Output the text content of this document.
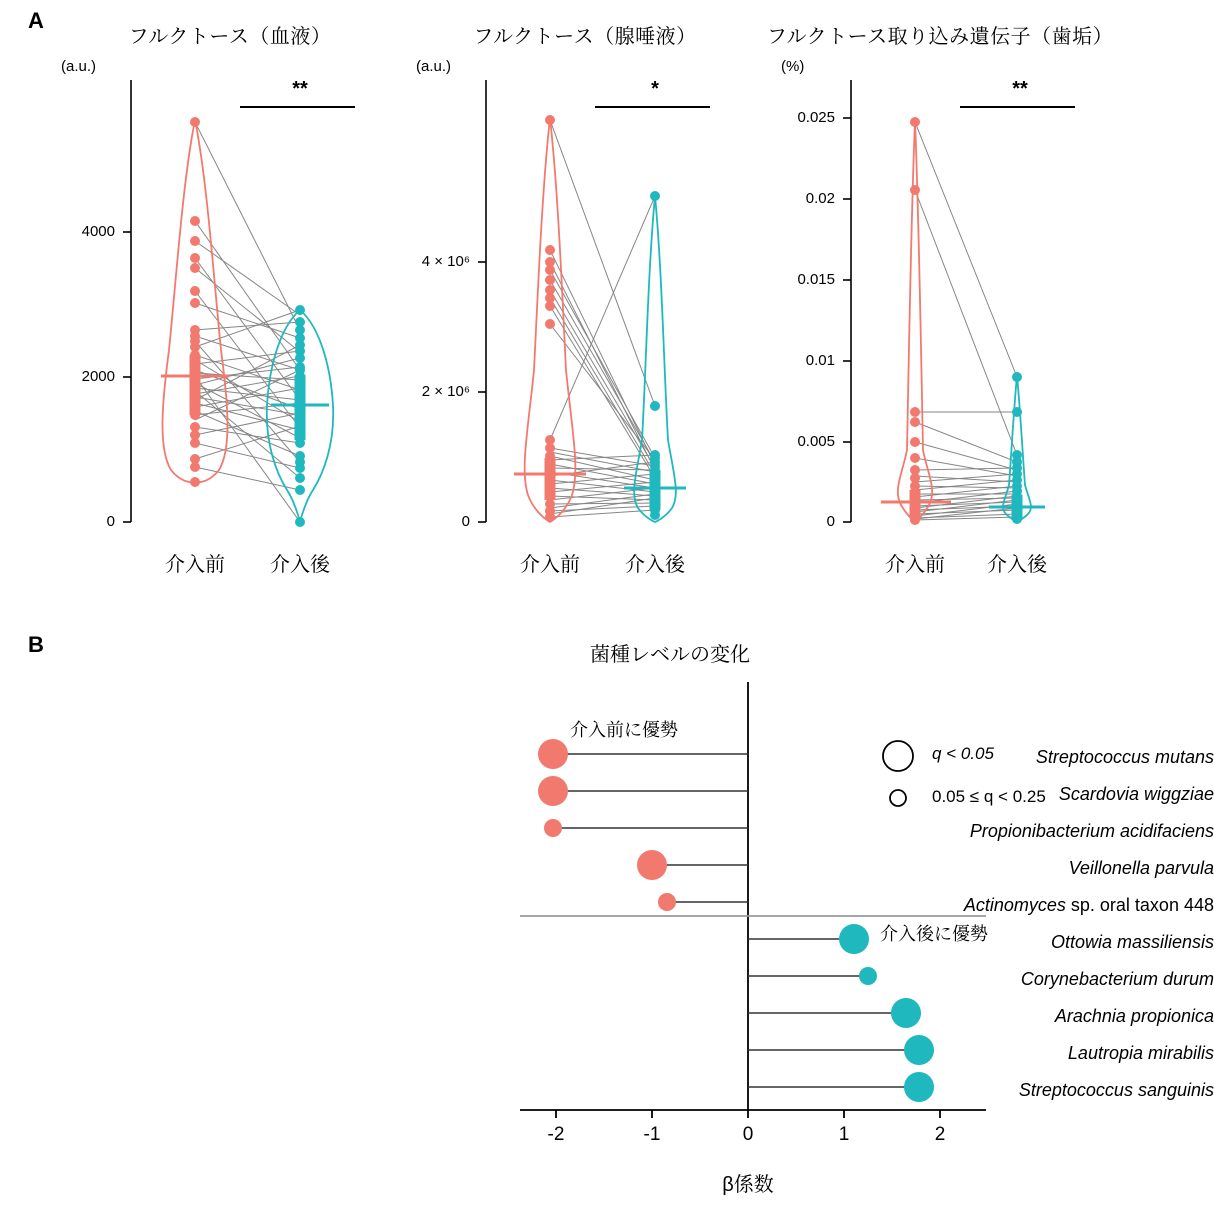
A
フルクトース（血液）
(a.u.)
0
2000
4000
介入前	介入後
**
フルクトース（腺唾液）
(a.u.)
0
2 × 10⁶
4 × 10⁶
介入前	介入後
*
フルクトース取り込み遺伝子（歯垢）
(%)
0
0.005
0.01
0.015
0.02
0.025
介入前	介入後
**
B	菌種レベルの変化
介入前に優勢
介入後に優勢
Streptococcus mutans
Scardovia wiggziae
Propionibacterium acidifaciens
Veillonella parvula
Actinomyces sp. oral taxon 448
Ottowia massiliensis
Corynebacterium durum
Arachnia propionica
Lautropia mirabilis
Streptococcus sanguinis
q < 0.05
0.05 ≤ q < 0.25
-2	-1	0	1	2
β係数
